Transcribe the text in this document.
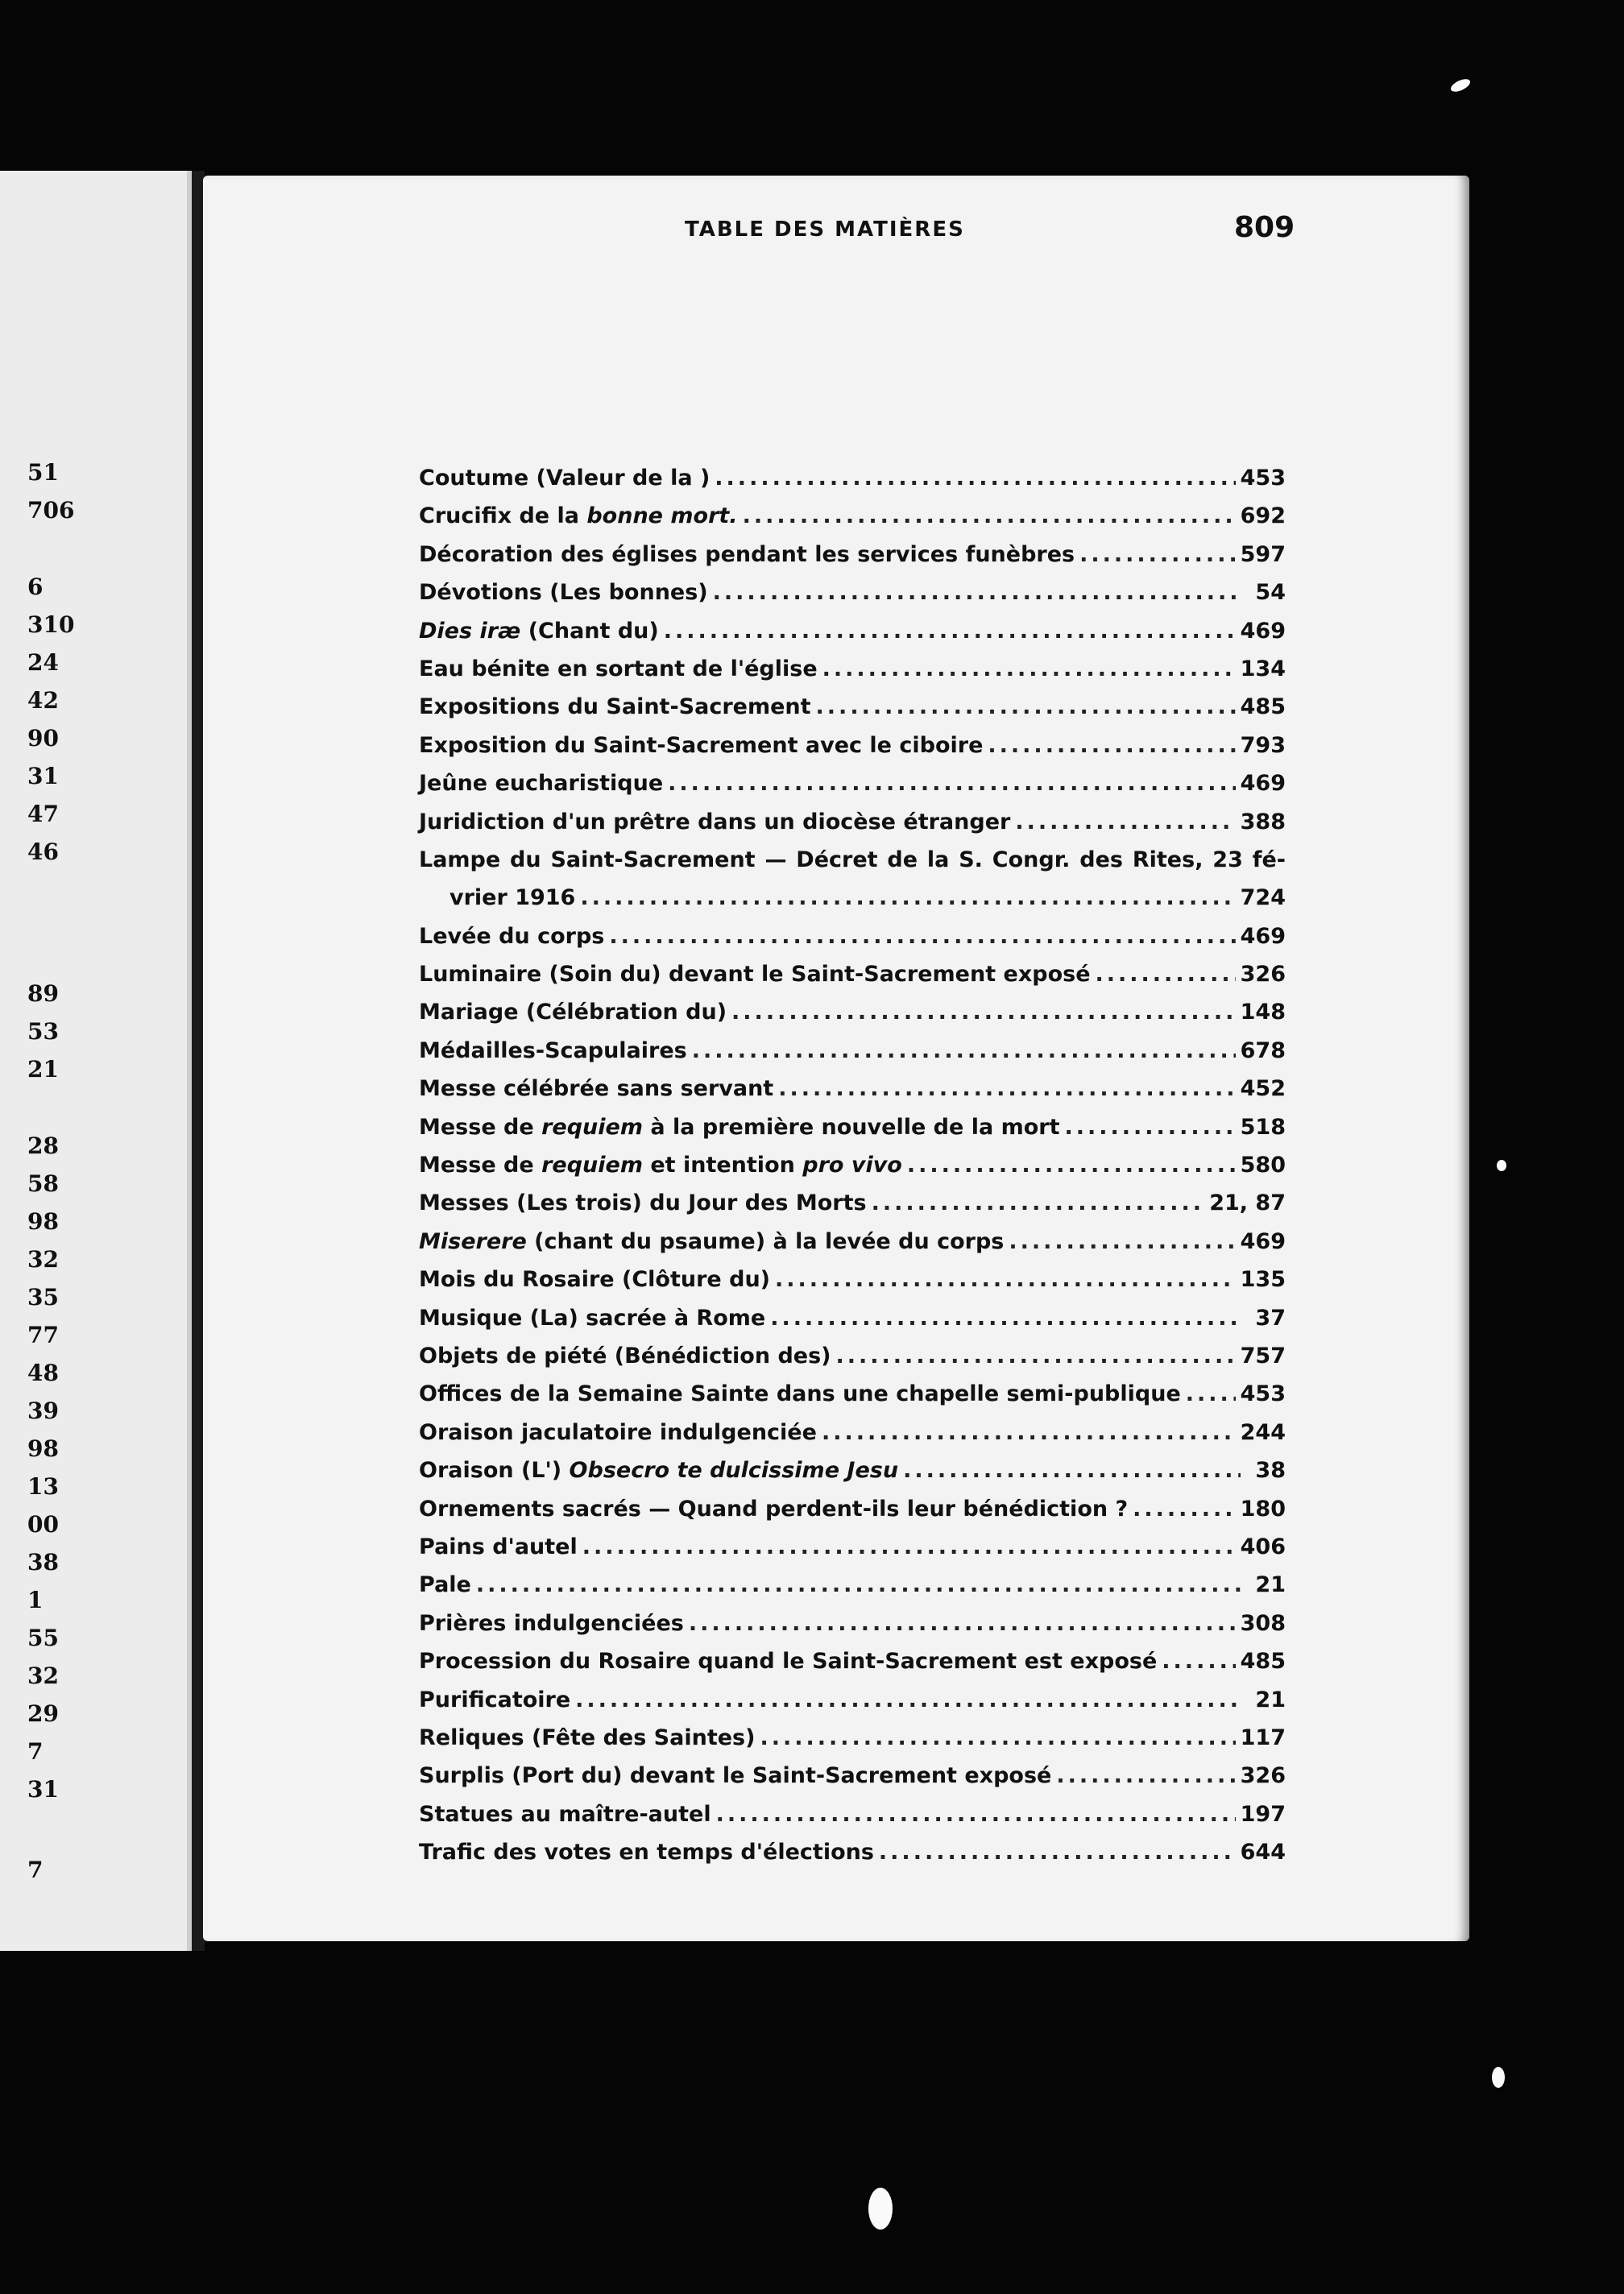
51
706
6
310
24
42
90
31
47
46
89
53
21
28
58
98
32
35
77
48
39
98
13
00
38
1
55
32
29
7
31
7
TABLE DES MATIÈRES	809
Coutume (Valeur de la ) .....	453
Crucifix de la bonne mort. .....	692
Décoration des églises pendant les services funèbres .....	597
Dévotions (Les bonnes) .....	54
Dies iræ (Chant du) .....	469
Eau bénite en sortant de l'église .....	134
Expositions du Saint-Sacrement .....	485
Exposition du Saint-Sacrement avec le ciboire .....	793
Jeûne eucharistique .....	469
Juridiction d'un prêtre dans un diocèse étranger .....	388
Lampe du Saint-Sacrement — Décret de la S. Congr. des Rites, 23 fé-
vrier 1916 .....	724
Levée du corps .....	469
Luminaire (Soin du) devant le Saint-Sacrement exposé .....	326
Mariage (Célébration du) .....	148
Médailles-Scapulaires .....	678
Messe célébrée sans servant .....	452
Messe de requiem à la première nouvelle de la mort .....	518
Messe de requiem et intention pro vivo .....	580
Messes (Les trois) du Jour des Morts .....	21, 87
Miserere (chant du psaume) à la levée du corps .....	469
Mois du Rosaire (Clôture du) .....	135
Musique (La) sacrée à Rome .....	37
Objets de piété (Bénédiction des) .....	757
Offices de la Semaine Sainte dans une chapelle semi-publique .....	453
Oraison jaculatoire indulgenciée .....	244
Oraison (L') Obsecro te dulcissime Jesu .....	38
Ornements sacrés — Quand perdent-ils leur bénédiction ? .....	180
Pains d'autel .....	406
Pale .....	21
Prières indulgenciées .....	308
Procession du Rosaire quand le Saint-Sacrement est exposé .....	485
Purificatoire .....	21
Reliques (Fête des Saintes) .....	117
Surplis (Port du) devant le Saint-Sacrement exposé .....	326
Statues au maître-autel .....	197
Trafic des votes en temps d'élections .....	644
